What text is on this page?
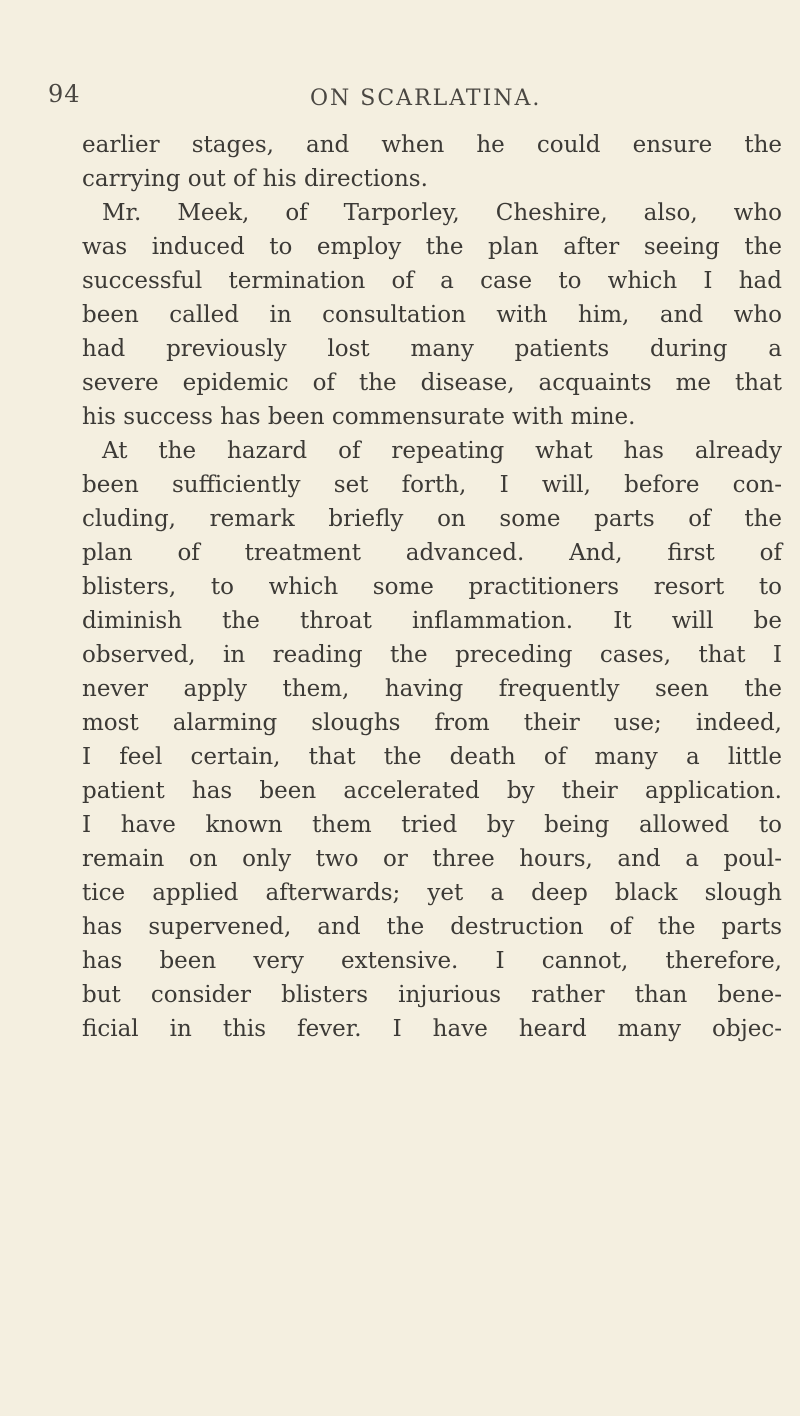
94	ON SCARLATINA.
earlier stages, and when he could ensure the
carrying out of his directions.
Mr. Meek, of Tarporley, Cheshire, also, who
was induced to employ the plan after seeing the
successful termination of a case to which I had
been called in consultation with him, and who
had previously lost many patients during a
severe epidemic of the disease, acquaints me that
his success has been commensurate with mine.
At the hazard of repeating what has already
been sufficiently set forth, I will, before con-
cluding, remark briefly on some parts of the
plan of treatment advanced. And, first of
blisters, to which some practitioners resort to
diminish the throat inflammation. It will be
observed, in reading the preceding cases, that I
never apply them, having frequently seen the
most alarming sloughs from their use; indeed,
I feel certain, that the death of many a little
patient has been accelerated by their application.
I have known them tried by being allowed to
remain on only two or three hours, and a poul-
tice applied afterwards; yet a deep black slough
has supervened, and the destruction of the parts
has been very extensive. I cannot, therefore,
but consider blisters injurious rather than bene-
ficial in this fever. I have heard many objec-
